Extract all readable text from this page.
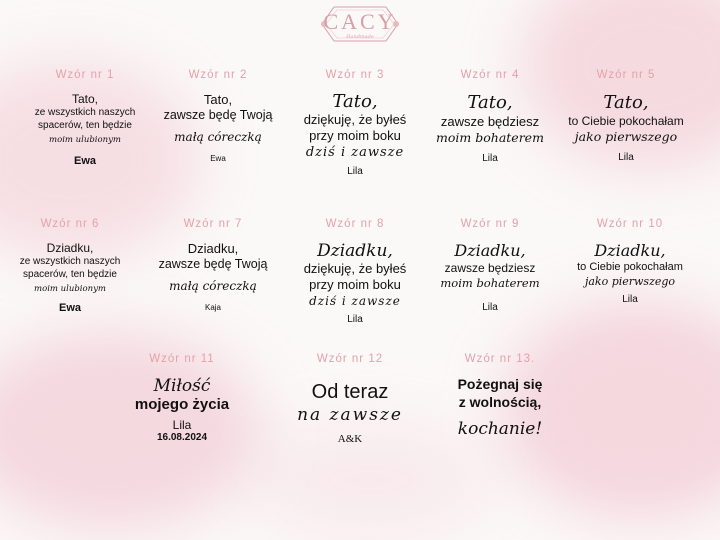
CACY
Handmade
Wzór nr 1
Tato,
ze wszystkich naszych
spacerów, ten będzie
moim ulubionym
Ewa
Wzór nr 2
Tato,
zawsze będę Twoją
małą córeczką
Ewa
Wzór nr 3
Tato,
dziękuję, że byłeś
przy moim boku
dziś i zawsze
Lila
Wzór nr 4
Tato,
zawsze będziesz
moim bohaterem
Lila
Wzór nr 5
Tato,
to Ciebie pokochałam
jako pierwszego
Lila
Wzór nr 6
Dziadku,
ze wszystkich naszych
spacerów, ten będzie
moim ulubionym
Ewa
Wzór nr 7
Dziadku,
zawsze będę Twoją
małą córeczką
Kaja
Wzór nr 8
Dziadku,
dziękuję, że byłeś
przy moim boku
dziś i zawsze
Lila
Wzór nr 9
Dziadku,
zawsze będziesz
moim bohaterem
Lila
Wzór nr 10
Dziadku,
to Ciebie pokochałam
jako pierwszego
Lila
Wzór nr 11
Miłość
mojego życia
Lila
16.08.2024
Wzór nr 12
Od teraz
na zawsze
A&K
Wzór nr 13.
Pożegnaj się
z wolnością,
kochanie!
